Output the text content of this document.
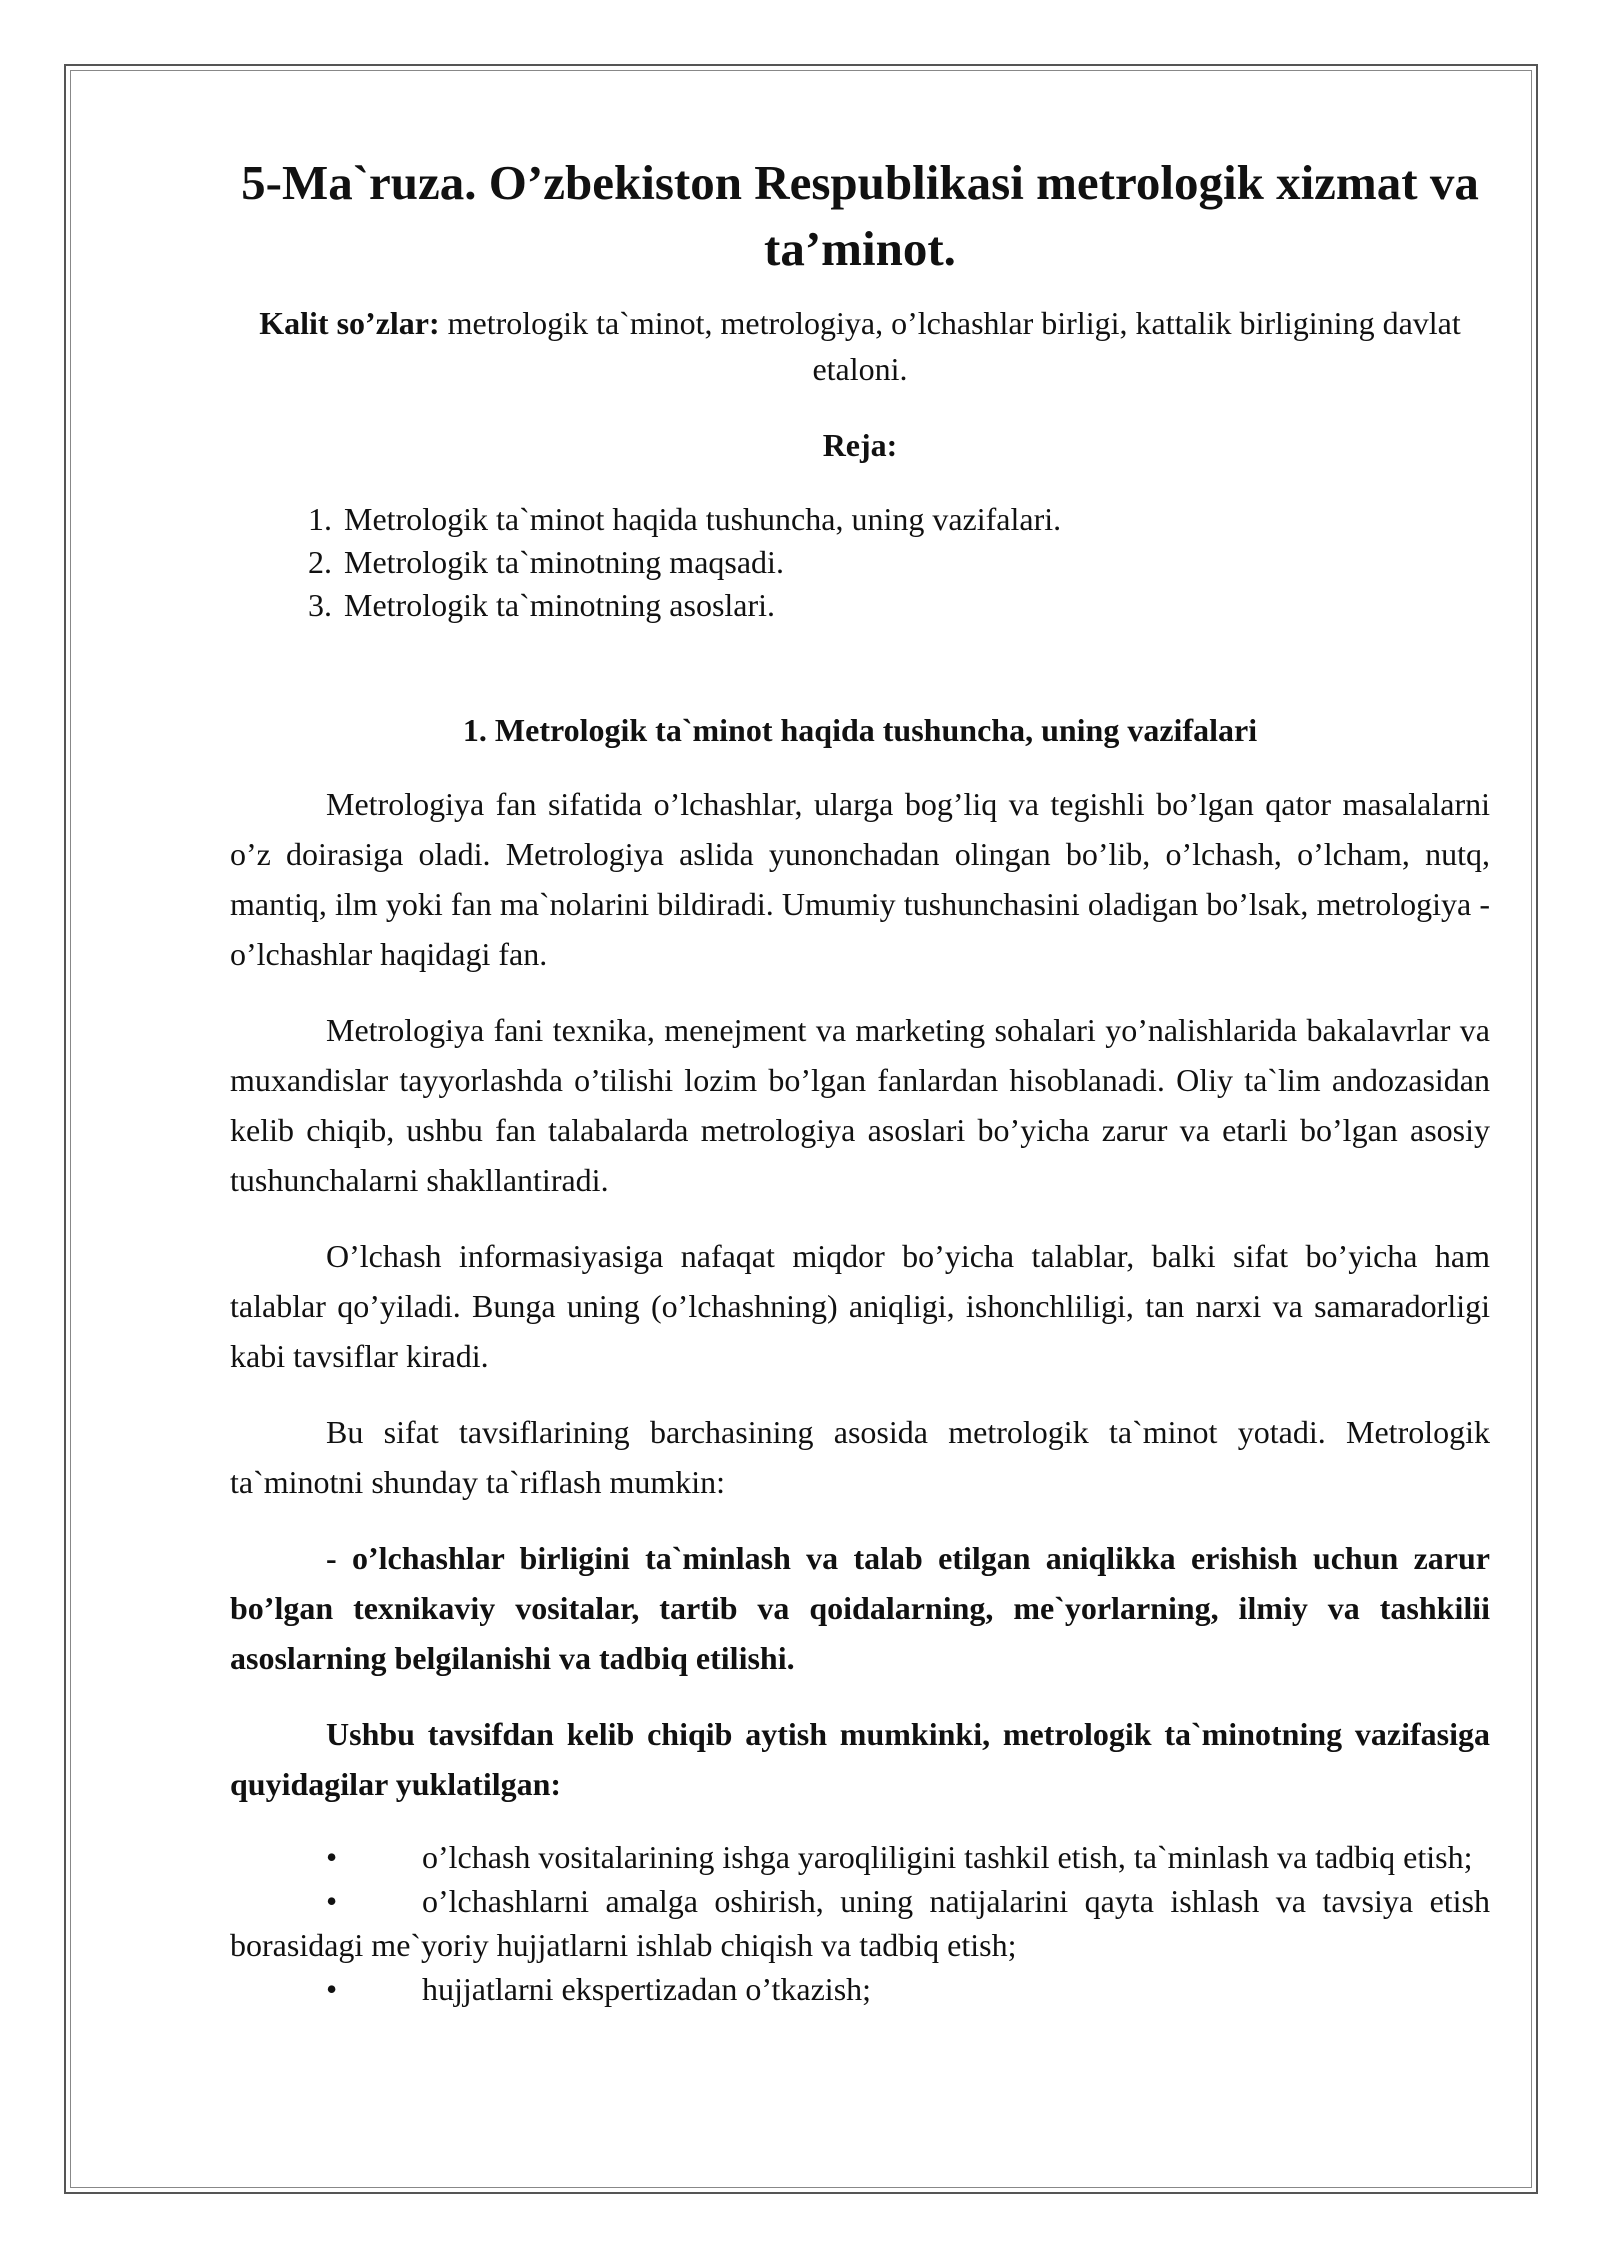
5-Ma`ruza. O’zbekiston Respublikasi metrologik xizmat va ta’minot.

Kalit so’zlar: metrologik ta`minot, metrologiya, o’lchashlar birligi, kattalik birligining davlat etaloni.

Reja:

1. Metrologik ta`minot haqida tushuncha, uning vazifalari.
2. Metrologik ta`minotning maqsadi.
3. Metrologik ta`minotning asoslari.
1. Metrologik ta`minot haqida tushuncha, uning vazifalari

Metrologiya fan sifatida o’lchashlar, ularga bog’liq va tegishli bo’lgan qator masalalarni o’z doirasiga oladi. Metrologiya aslida yunonchadan olingan bo’lib, o’lchash, o’lcham, nutq, mantiq, ilm yoki fan ma`nolarini bildiradi. Umumiy tushunchasini oladigan bo’lsak, metrologiya - o’lchashlar haqidagi fan.

Metrologiya fani texnika, menejment va marketing sohalari yo’nalishlarida bakalavrlar va muxandislar tayyorlashda o’tilishi lozim bo’lgan fanlardan hisoblanadi. Oliy ta`lim andozasidan kelib chiqib, ushbu fan talabalarda metrologiya asoslari bo’yicha zarur va etarli bo’lgan asosiy tushunchalarni shakllantiradi.

O’lchash informasiyasiga nafaqat miqdor bo’yicha talablar, balki sifat bo’yicha ham talablar qo’yiladi. Bunga uning (o’lchashning) aniqligi, ishonchliligi, tan narxi va samaradorligi kabi tavsiflar kiradi.

Bu sifat tavsiflarining barchasining asosida metrologik ta`minot yotadi. Metrologik ta`minotni shunday ta`riflash mumkin:

- o’lchashlar birligini ta`minlash va talab etilgan aniqlikka erishish uchun zarur bo’lgan texnikaviy vositalar, tartib va qoidalarning, me`yorlarning, ilmiy va tashkilii asoslarning belgilanishi va tadbiq etilishi.

Ushbu tavsifdan kelib chiqib aytish mumkinki, metrologik ta`minotning vazifasiga quyidagilar yuklatilgan:

•	o’lchash vositalarining ishga yaroqliligini tashkil etish, ta`minlash va tadbiq etish;
•	o’lchashlarni amalga oshirish, uning natijalarini qayta ishlash va tavsiya etish borasidagi me`yoriy hujjatlarni ishlab chiqish va tadbiq etish;
•	hujjatlarni ekspertizadan o’tkazish;
